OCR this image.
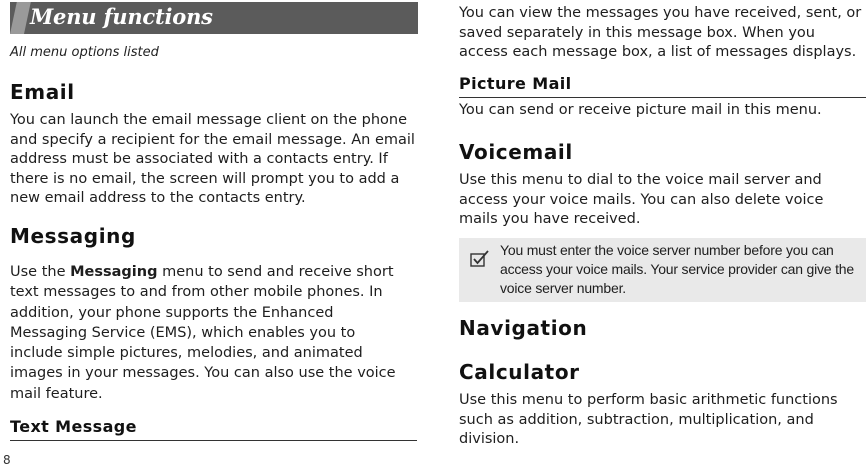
Menu functions
All menu options listed
Email
You can launch the email message client on the phone and specify a recipient for the email message. An email address must be associated with a contacts entry. If there is no email, the screen will prompt you to add a new email address to the contacts entry.
Messaging
Use the Messaging menu to send and receive short text messages to and from other mobile phones. In addition, your phone supports the Enhanced Messaging Service (EMS), which enables you to include simple pictures, melodies, and animated images in your messages. You can also use the voice mail feature.
Text Message
You can view the messages you have received, sent, or saved separately in this message box. When you access each message box, a list of messages displays.
Picture Mail
You can send or receive picture mail in this menu.
Voicemail
Use this menu to dial to the voice mail server and access your voice mails. You can also delete voice mails you have received.
You must enter the voice server number before you can access your voice mails. Your service provider can give the voice server number.
Navigation
Calculator
Use this menu to perform basic arithmetic functions such as addition, subtraction, multiplication, and division.
8
